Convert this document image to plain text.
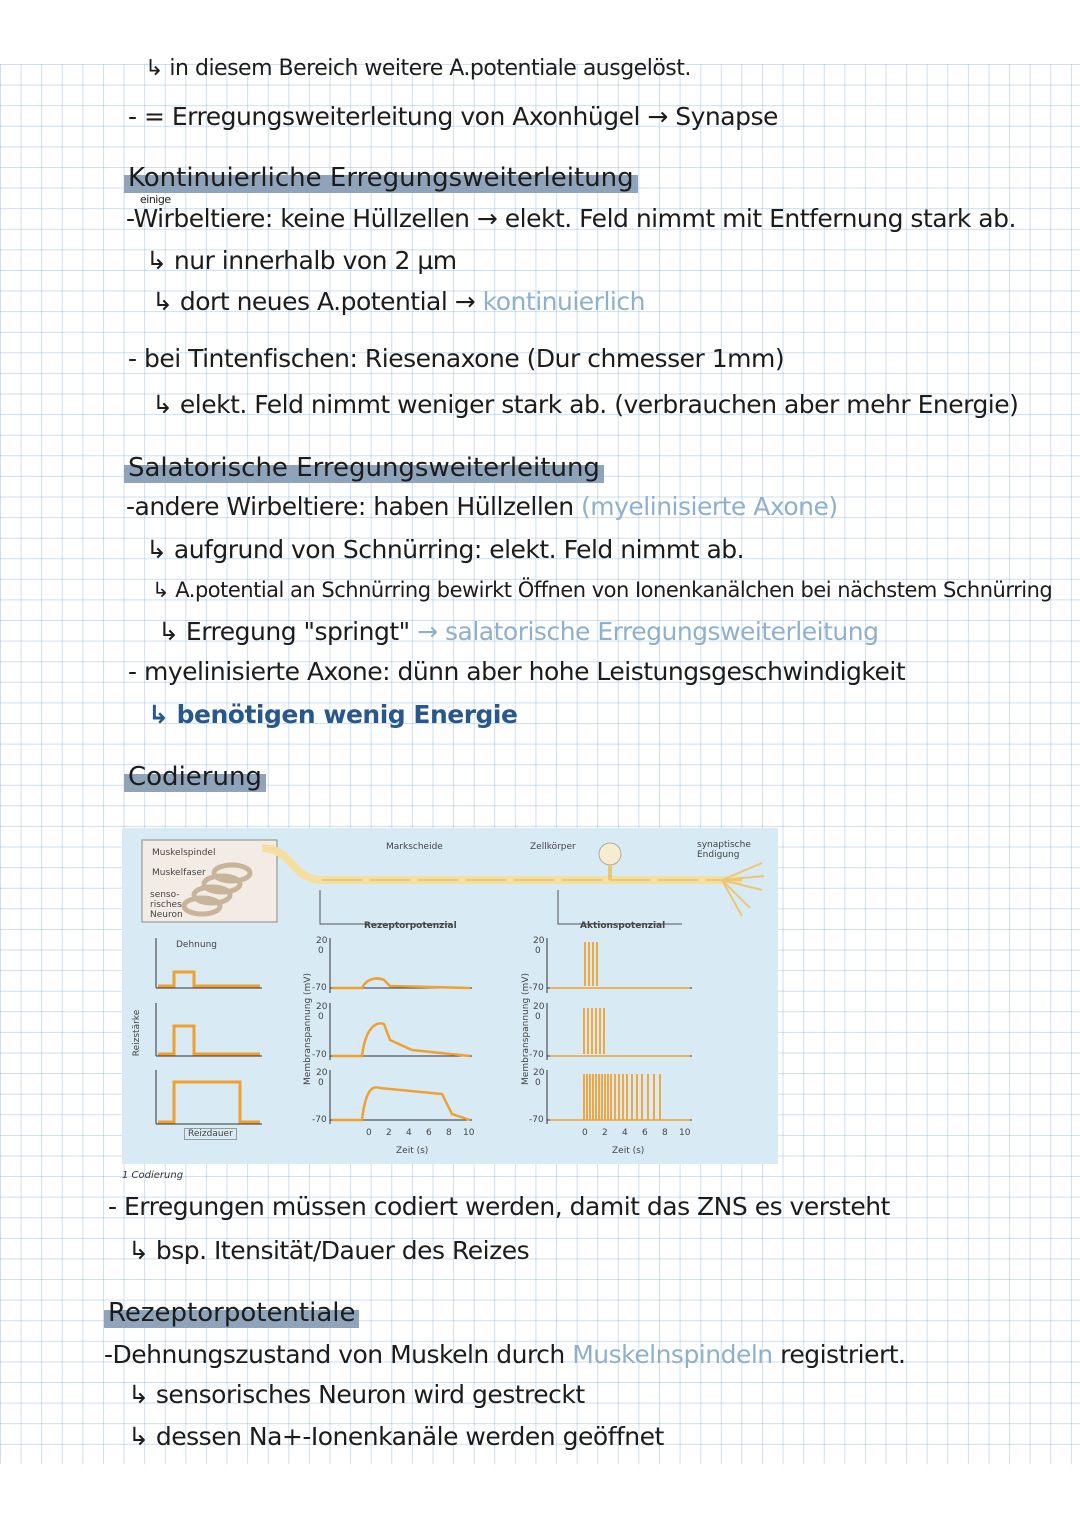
↳ in diesem Bereich weitere A.potentiale ausgelöst.
- = Erregungsweiterleitung von Axonhügel → Synapse
Kontinuierliche Erregungsweiterleitung
einige
-Wirbeltiere: keine Hüllzellen → elekt. Feld nimmt mit Entfernung stark ab.
↳ nur innerhalb von 2 µm
↳ dort neues A.potential → kontinuierlich
- bei Tintenfischen: Riesenaxone (Dur chmesser 1mm)
↳ elekt. Feld nimmt weniger stark ab. (verbrauchen aber mehr Energie)
Salatorische Erregungsweiterleitung
-andere Wirbeltiere: haben Hüllzellen (myelinisierte Axone)
↳ aufgrund von Schnürring: elekt. Feld nimmt ab.
↳ A.potential an Schnürring bewirkt Öffnen von Ionenkanälchen bei nächstem Schnürring
↳ Erregung "springt" → salatorische Erregungsweiterleitung
- myelinisierte Axone: dünn aber hohe Leistungsgeschwindigkeit
↳ benötigen wenig Energie
Codierung
Muskelspindel
Muskelfaser
senso-
risches
Neuron
Markscheide	Zellkörper	synaptische
Endigung
Rezeptorpotenzial	Aktionspotenzial
Dehnung
Reizstärke
Reizdauer
Membranspannung (mV)	Membranspannung (mV)
20
0
-70
20
0
-70
20
0
-70
20
0
-70
20
0
-70
20
0
-70
0 2 4 6 8 10	0 2 4 6 8 10
Zeit (s)	Zeit (s)
1 Codierung
- Erregungen müssen codiert werden, damit das ZNS es versteht
↳ bsp. Itensität/Dauer des Reizes
Rezeptorpotentiale
-Dehnungszustand von Muskeln durch Muskelnspindeln registriert.
↳ sensorisches Neuron wird gestreckt
↳ dessen Na+-Ionenkanäle werden geöffnet
